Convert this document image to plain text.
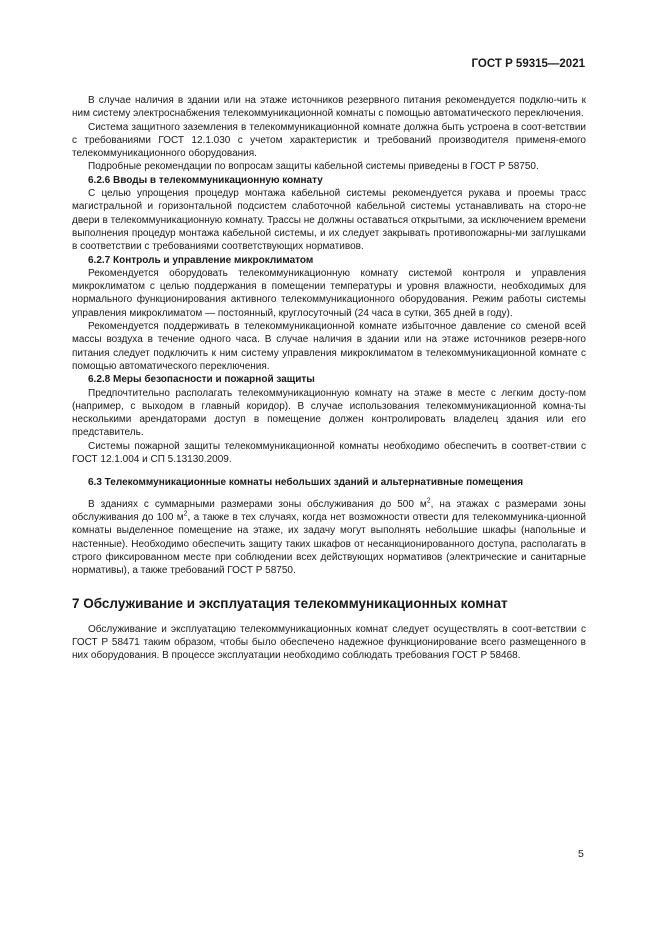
ГОСТ Р 59315—2021

В случае наличия в здании или на этаже источников резервного питания рекомендуется подклю-чить к ним систему электроснабжения телекоммуникационной комнаты с помощью автоматического переключения.

Система защитного заземления в телекоммуникационной комнате должна быть устроена в соот-ветствии с требованиями ГОСТ 12.1.030 с учетом характеристик и требований производителя применя-емого телекоммуникационного оборудования.

Подробные рекомендации по вопросам защиты кабельной системы приведены в ГОСТ Р 58750.

6.2.6 Вводы в телекоммуникационную комнату

С целью упрощения процедур монтажа кабельной системы рекомендуется рукава и проемы трасс магистральной и горизонтальной подсистем слаботочной кабельной системы устанавливать на сторо-не двери в телекоммуникационную комнату. Трассы не должны оставаться открытыми, за исключением времени выполнения процедур монтажа кабельной системы, и их следует закрывать противопожарны-ми заглушками в соответствии с требованиями соответствующих нормативов.

6.2.7 Контроль и управление микроклиматом

Рекомендуется оборудовать телекоммуникационную комнату системой контроля и управления микроклиматом с целью поддержания в помещении температуры и уровня влажности, необходимых для нормального функционирования активного телекоммуникационного оборудования. Режим работы системы управления микроклиматом — постоянный, круглосуточный (24 часа в сутки, 365 дней в году).

Рекомендуется поддерживать в телекоммуникационной комнате избыточное давление со сменой всей массы воздуха в течение одного часа. В случае наличия в здании или на этаже источников резерв-ного питания следует подключить к ним систему управления микроклиматом в телекоммуникационной комнате с помощью автоматического переключения.

6.2.8 Меры безопасности и пожарной защиты

Предпочтительно располагать телекоммуникационную комнату на этаже в месте с легким досту-пом (например, с выходом в главный коридор). В случае использования телекоммуникационной комна-ты несколькими арендаторами доступ в помещение должен контролировать владелец здания или его представитель.

Системы пожарной защиты телекоммуникационной комнаты необходимо обеспечить в соответ-ствии с ГОСТ 12.1.004 и СП 5.13130.2009.

6.3 Телекоммуникационные комнаты небольших зданий и альтернативные помещения

В зданиях с суммарными размерами зоны обслуживания до 500 $м^2$, на этажах с размерами зоны обслуживания до 100 $м^2$, а также в тех случаях, когда нет возможности отвести для телекоммуника-ционной комнаты выделенное помещение на этаже, их задачу могут выполнять небольшие шкафы (напольные и настенные). Необходимо обеспечить защиту таких шкафов от несанкционированного доступа, располагать в строго фиксированном месте при соблюдении всех действующих нормативов (электрические и санитарные нормативы), а также требований ГОСТ Р 58750.

7 Обслуживание и эксплуатация телекоммуникационных комнат

Обслуживание и эксплуатацию телекоммуникационных комнат следует осуществлять в соот-ветствии с ГОСТ Р 58471 таким образом, чтобы было обеспечено надежное функционирование всего размещенного в них оборудования. В процессе эксплуатации необходимо соблюдать требования ГОСТ Р 58468.

5
